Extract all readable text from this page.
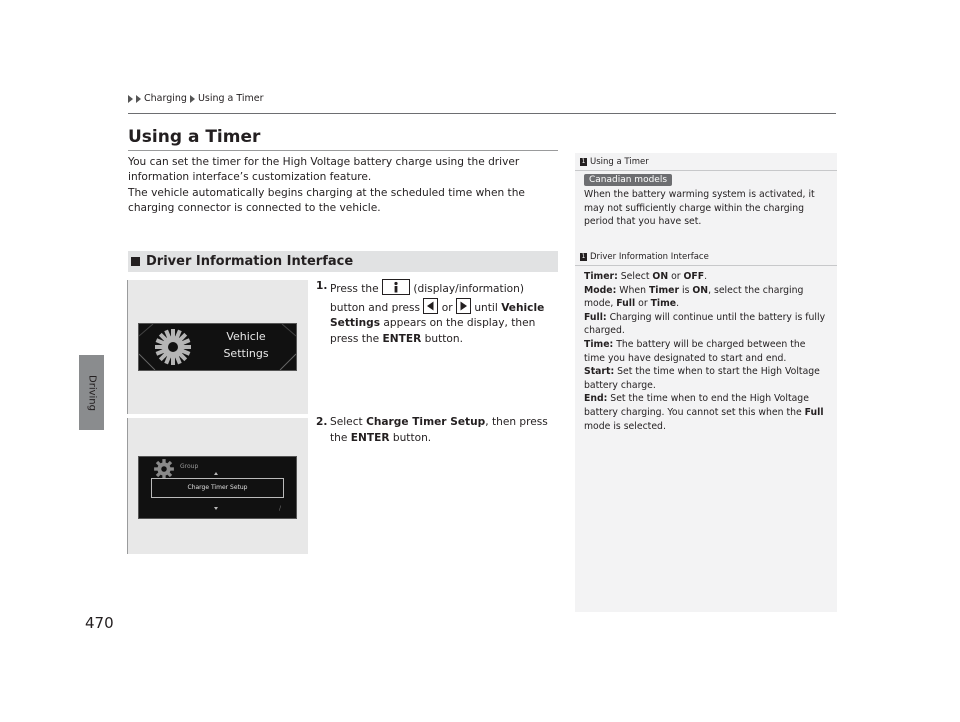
Charging Using a Timer
Driving
470
Using a Timer

You can set the timer for the High Voltage battery charge using the driver information interface’s customization feature.

The vehicle automatically begins charging at the scheduled time when the charging connector is connected to the vehicle.

Driver Information Interface
Vehicle
Settings
Group
Charge Timer Setup
/
1. Press the	(display/information) button and press
or
until Vehicle Settings appears on the display, then press the ENTER button.
2. Select Charge Timer Setup, then press the ENTER button.
1 Using a Timer
Canadian models
When the battery warming system is activated, it may not sufficiently charge within the charging period that you have set.
1 Driver Information Interface

Timer: Select ON or OFF.

Mode: When Timer is ON, select the charging mode, Full or Time.

Full: Charging will continue until the battery is fully charged.

Time: The battery will be charged between the time you have designated to start and end.

Start: Set the time when to start the High Voltage battery charge.

End: Set the time when to end the High Voltage battery charging. You cannot set this when the Full mode is selected.
